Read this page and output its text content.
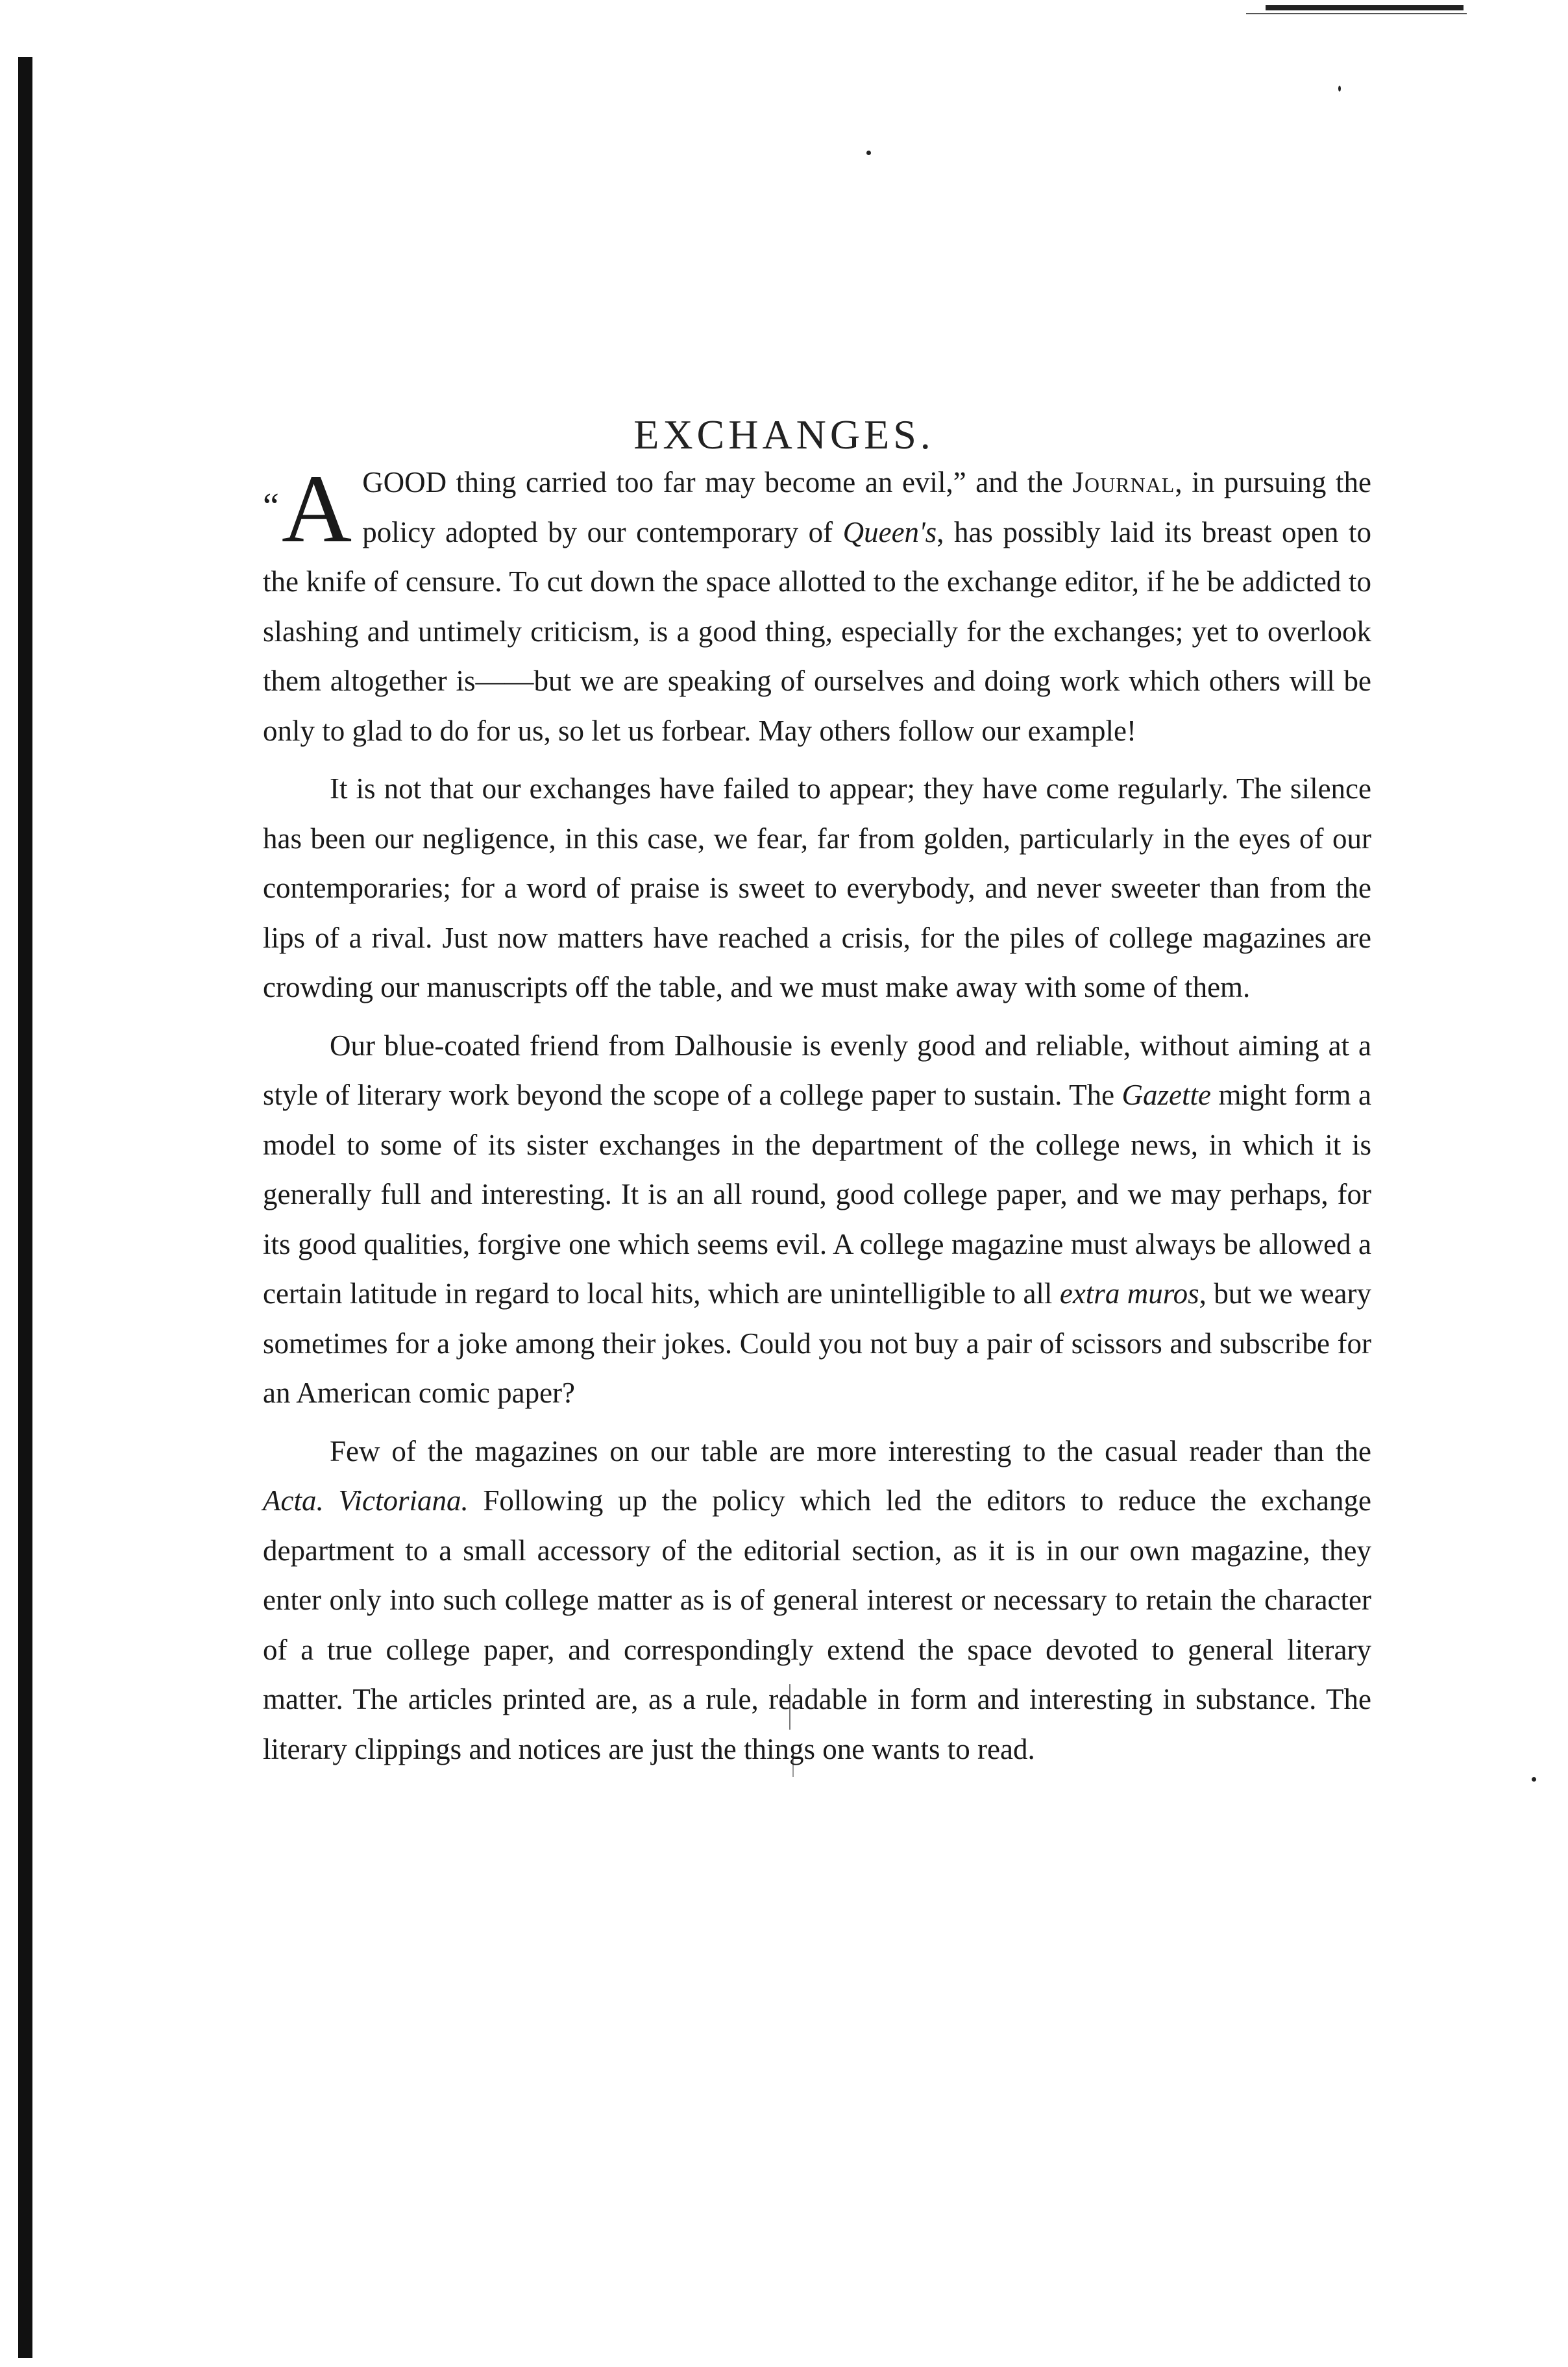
EXCHANGES.

“A GOOD thing carried too far may become an evil,” and the Journal, in pursuing the policy adopted by our contemporary of Queen's, has possibly laid its breast open to the knife of censure. To cut down the space allotted to the exchange editor, if he be addicted to slashing and untimely criticism, is a good thing, especially for the exchanges; yet to overlook them altogether is——but we are speaking of ourselves and doing work which others will be only to glad to do for us, so let us forbear. May others follow our example!

It is not that our exchanges have failed to appear; they have come regularly. The silence has been our negligence, in this case, we fear, far from golden, particularly in the eyes of our contemporaries; for a word of praise is sweet to everybody, and never sweeter than from the lips of a rival. Just now matters have reached a crisis, for the piles of college magazines are crowding our manuscripts off the table, and we must make away with some of them.

Our blue-coated friend from Dalhousie is evenly good and reliable, without aiming at a style of literary work beyond the scope of a college paper to sustain. The Gazette might form a model to some of its sister exchanges in the department of the college news, in which it is generally full and interesting. It is an all round, good college paper, and we may perhaps, for its good qualities, forgive one which seems evil. A college magazine must always be allowed a certain latitude in regard to local hits, which are unintelligible to all extra muros, but we weary sometimes for a joke among their jokes. Could you not buy a pair of scissors and subscribe for an American comic paper?

Few of the magazines on our table are more interesting to the casual reader than the Acta. Victoriana. Following up the policy which led the editors to reduce the exchange department to a small accessory of the editorial section, as it is in our own magazine, they enter only into such college matter as is of general interest or necessary to retain the character of a true college paper, and correspondingly extend the space devoted to general literary matter. The articles printed are, as a rule, readable in form and interesting in substance. The literary clippings and notices are just the things one wants to read.
